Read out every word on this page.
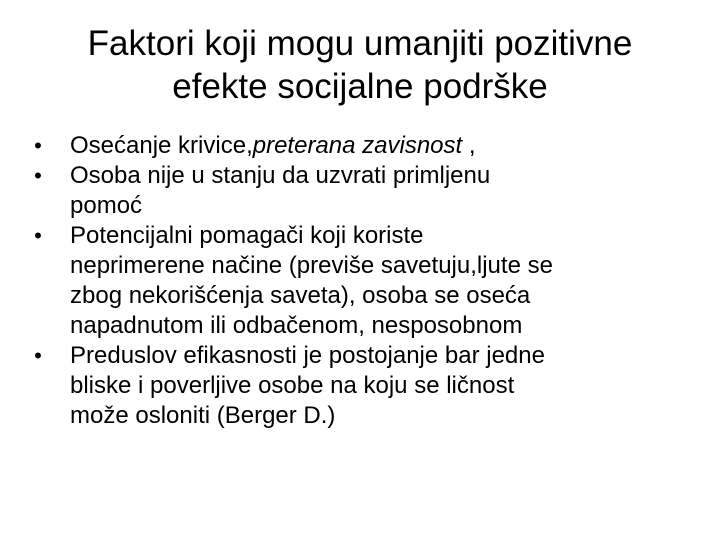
Faktori koji mogu umanjiti pozitivne
efekte socijalne podrške
• Osećanje krivice,preterana zavisnost ,
• Osoba nije u stanju da uzvrati primljenu
pomoć
• Potencijalni pomagači koji koriste
neprimerene načine (previše savetuju,ljute se
zbog nekorišćenja saveta), osoba se oseća
napadnutom ili odbačenom, nesposobnom
• Preduslov efikasnosti je postojanje bar jedne
bliske i poverljive osobe na koju se ličnost
može osloniti (Berger D.)
